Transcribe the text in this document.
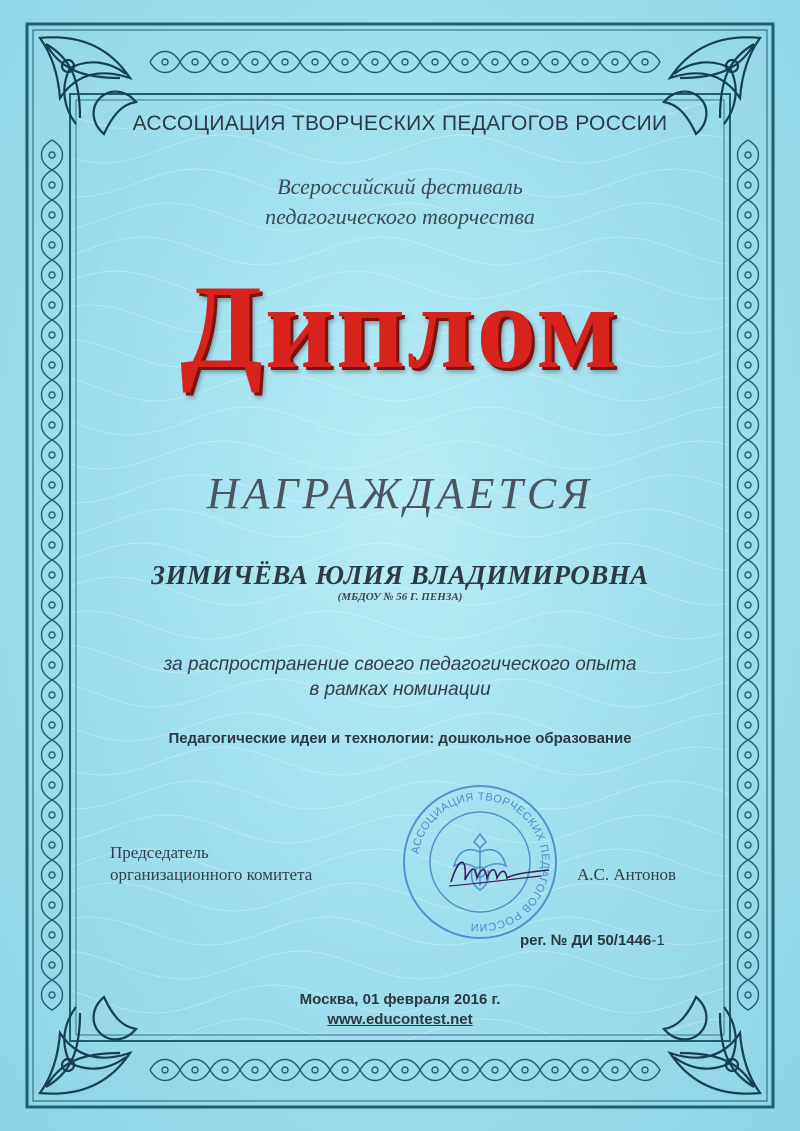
АССОЦИАЦИЯ ТВОРЧЕСКИХ ПЕДАГОГОВ РОССИИ

Всероссийский фестиваль
педагогического творчества
Диплом
НАГРАЖДАЕТСЯ

ЗИМИЧЁВА ЮЛИЯ ВЛАДИМИРОВНА

(МБДОУ № 56 Г. ПЕНЗА)

за распространение своего педагогического опыта
в рамках номинации

Педагогические идеи и технологии: дошкольное образование

Председатель
организационного комитета
АССОЦИАЦИЯ ТВОРЧЕСКИХ ПЕДАГОГОВ РОССИИ
А.С. Антонов
рег. № ДИ 50/1446-1

Москва, 01 февраля 2016 г.

www.educontest.net
